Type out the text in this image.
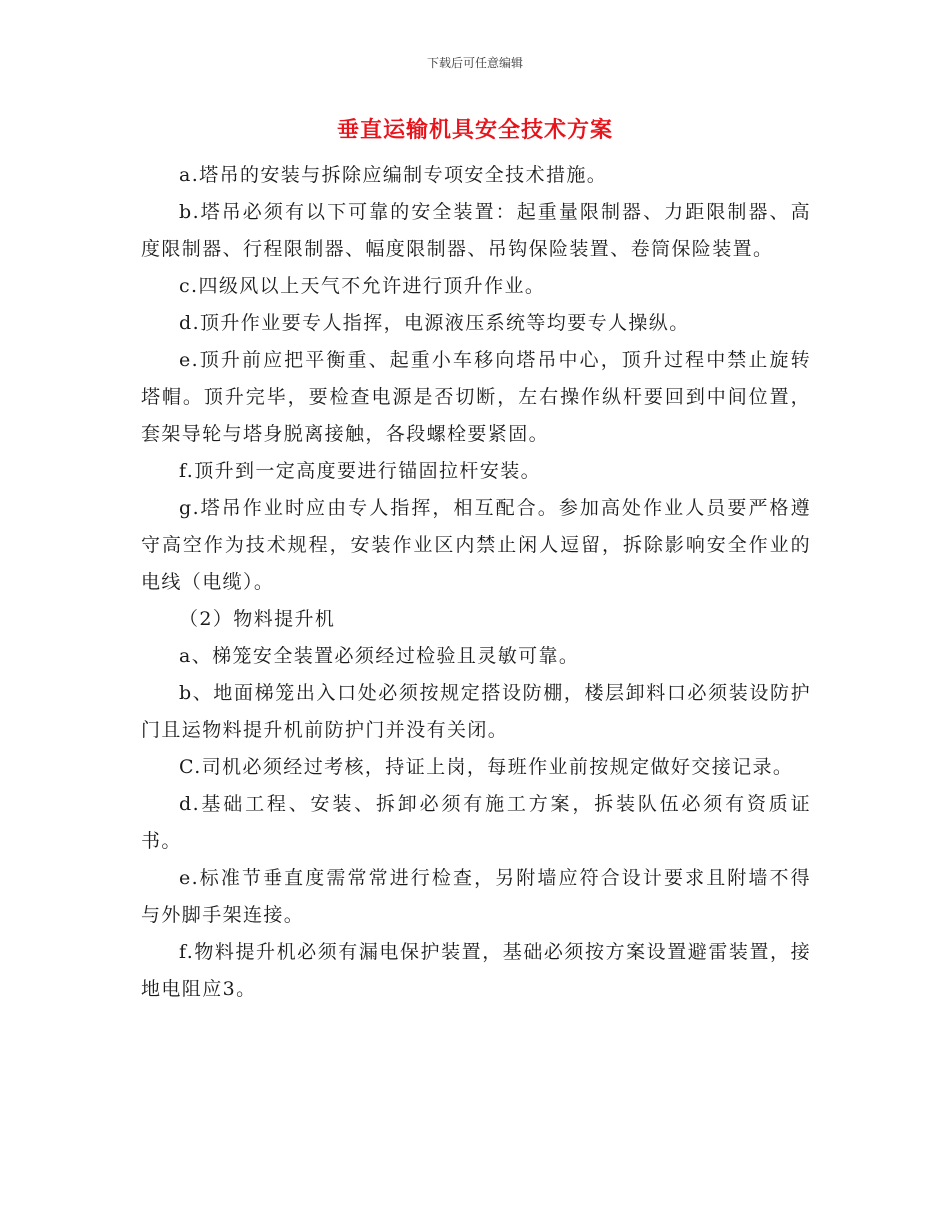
下载后可任意编辑
垂直运输机具安全技术方案

a.塔吊的安装与拆除应编制专项安全技术措施。

b.塔吊必须有以下可靠的安全装置：起重量限制器、力距限制器、高度限制器、行程限制器、幅度限制器、吊钩保险装置、卷筒保险装置。

c.四级风以上天气不允许进行顶升作业。

d.顶升作业要专人指挥，电源液压系统等均要专人操纵。

e.顶升前应把平衡重、起重小车移向塔吊中心，顶升过程中禁止旋转塔帽。顶升完毕，要检查电源是否切断，左右操作纵杆要回到中间位置，套架导轮与塔身脱离接触，各段螺栓要紧固。

f.顶升到一定高度要进行锚固拉杆安装。

g.塔吊作业时应由专人指挥，相互配合。参加高处作业人员要严格遵守高空作为技术规程，安装作业区内禁止闲人逗留，拆除影响安全作业的电线（电缆）。

（2）物料提升机

a、梯笼安全装置必须经过检验且灵敏可靠。

b、地面梯笼出入口处必须按规定搭设防棚，楼层卸料口必须装设防护门且运物料提升机前防护门并没有关闭。

C.司机必须经过考核，持证上岗，每班作业前按规定做好交接记录。

d.基础工程、安装、拆卸必须有施工方案，拆装队伍必须有资质证书。

e.标准节垂直度需常常进行检查，另附墙应符合设计要求且附墙不得与外脚手架连接。

f.物料提升机必须有漏电保护装置，基础必须按方案设置避雷装置，接地电阻应3。
